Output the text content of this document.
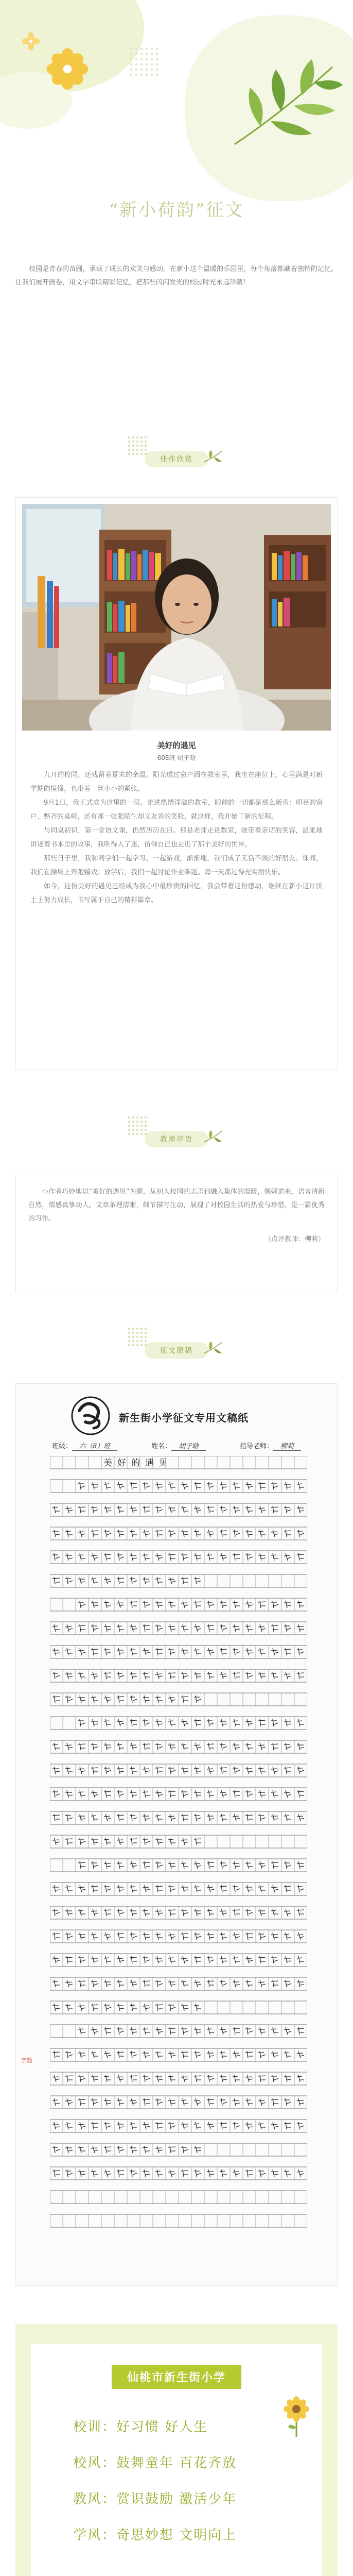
“新小荷韵”征文
校园是青春的苗圃，承载了成长的欢笑与感动。在新小这个温暖的乐园里，每个角落都藏着独特的记忆。让我们展开画卷，用文字串联精彩记忆，把那些闪闪发光的校园时光永远珍藏！
佳作欣赏
美好的遇见
608班 胡子晗

九月的校园，还残留着夏末的余温。阳光透过窗户洒在教室里，我坐在座位上，心里满是对新学期的憧憬，也带着一丝小小的紧张。

9月1日，我正式成为这里的一员。走进热情洋溢的教室，眼前的一切都是那么新奇：明亮的窗户、整齐的桌椅，还有那一张张陌生却又友善的笑脸。就这样，我开始了新的征程。

与同桌初识，第一堂语文课，仍然历历在目。那是老师走进教室，她带着亲切的笑容，温柔地讲述着书本里的故事，我听得入了迷，仿佛自己也走进了那个美好的世界。

那些日子里，我和同学们一起学习、一起游戏，渐渐地，我们成了无话不谈的好朋友。课间，我们在操场上奔跑嬉戏；放学后，我们一起讨论作业难题。每一天都过得充实而快乐。

如今，这份美好的遇见已经成为我心中最珍贵的回忆。我会带着这份感动，继续在新小这片沃土上努力成长，书写属于自己的精彩篇章。

教师评语

小作者巧妙地以“美好的遇见”为题，从初入校园的忐忑到融入集体的温暖，娓娓道来，语言清新自然，情感真挚动人。文章条理清晰，细节描写生动，展现了对校园生活的热爱与珍惜，是一篇优秀的习作。

（点评教师：柳莉）

征文原稿
新生街小学征文专用文稿纸
班级： 六（8）班	姓名： 胡子晗	指导老师： 柳莉
美好的遇见
字数
仙桃市新生街小学
校训：好习惯 好人生
校风：鼓舞童年 百花齐放
教风：赏识鼓励 激活少年
学风：奇思妙想 文明向上
